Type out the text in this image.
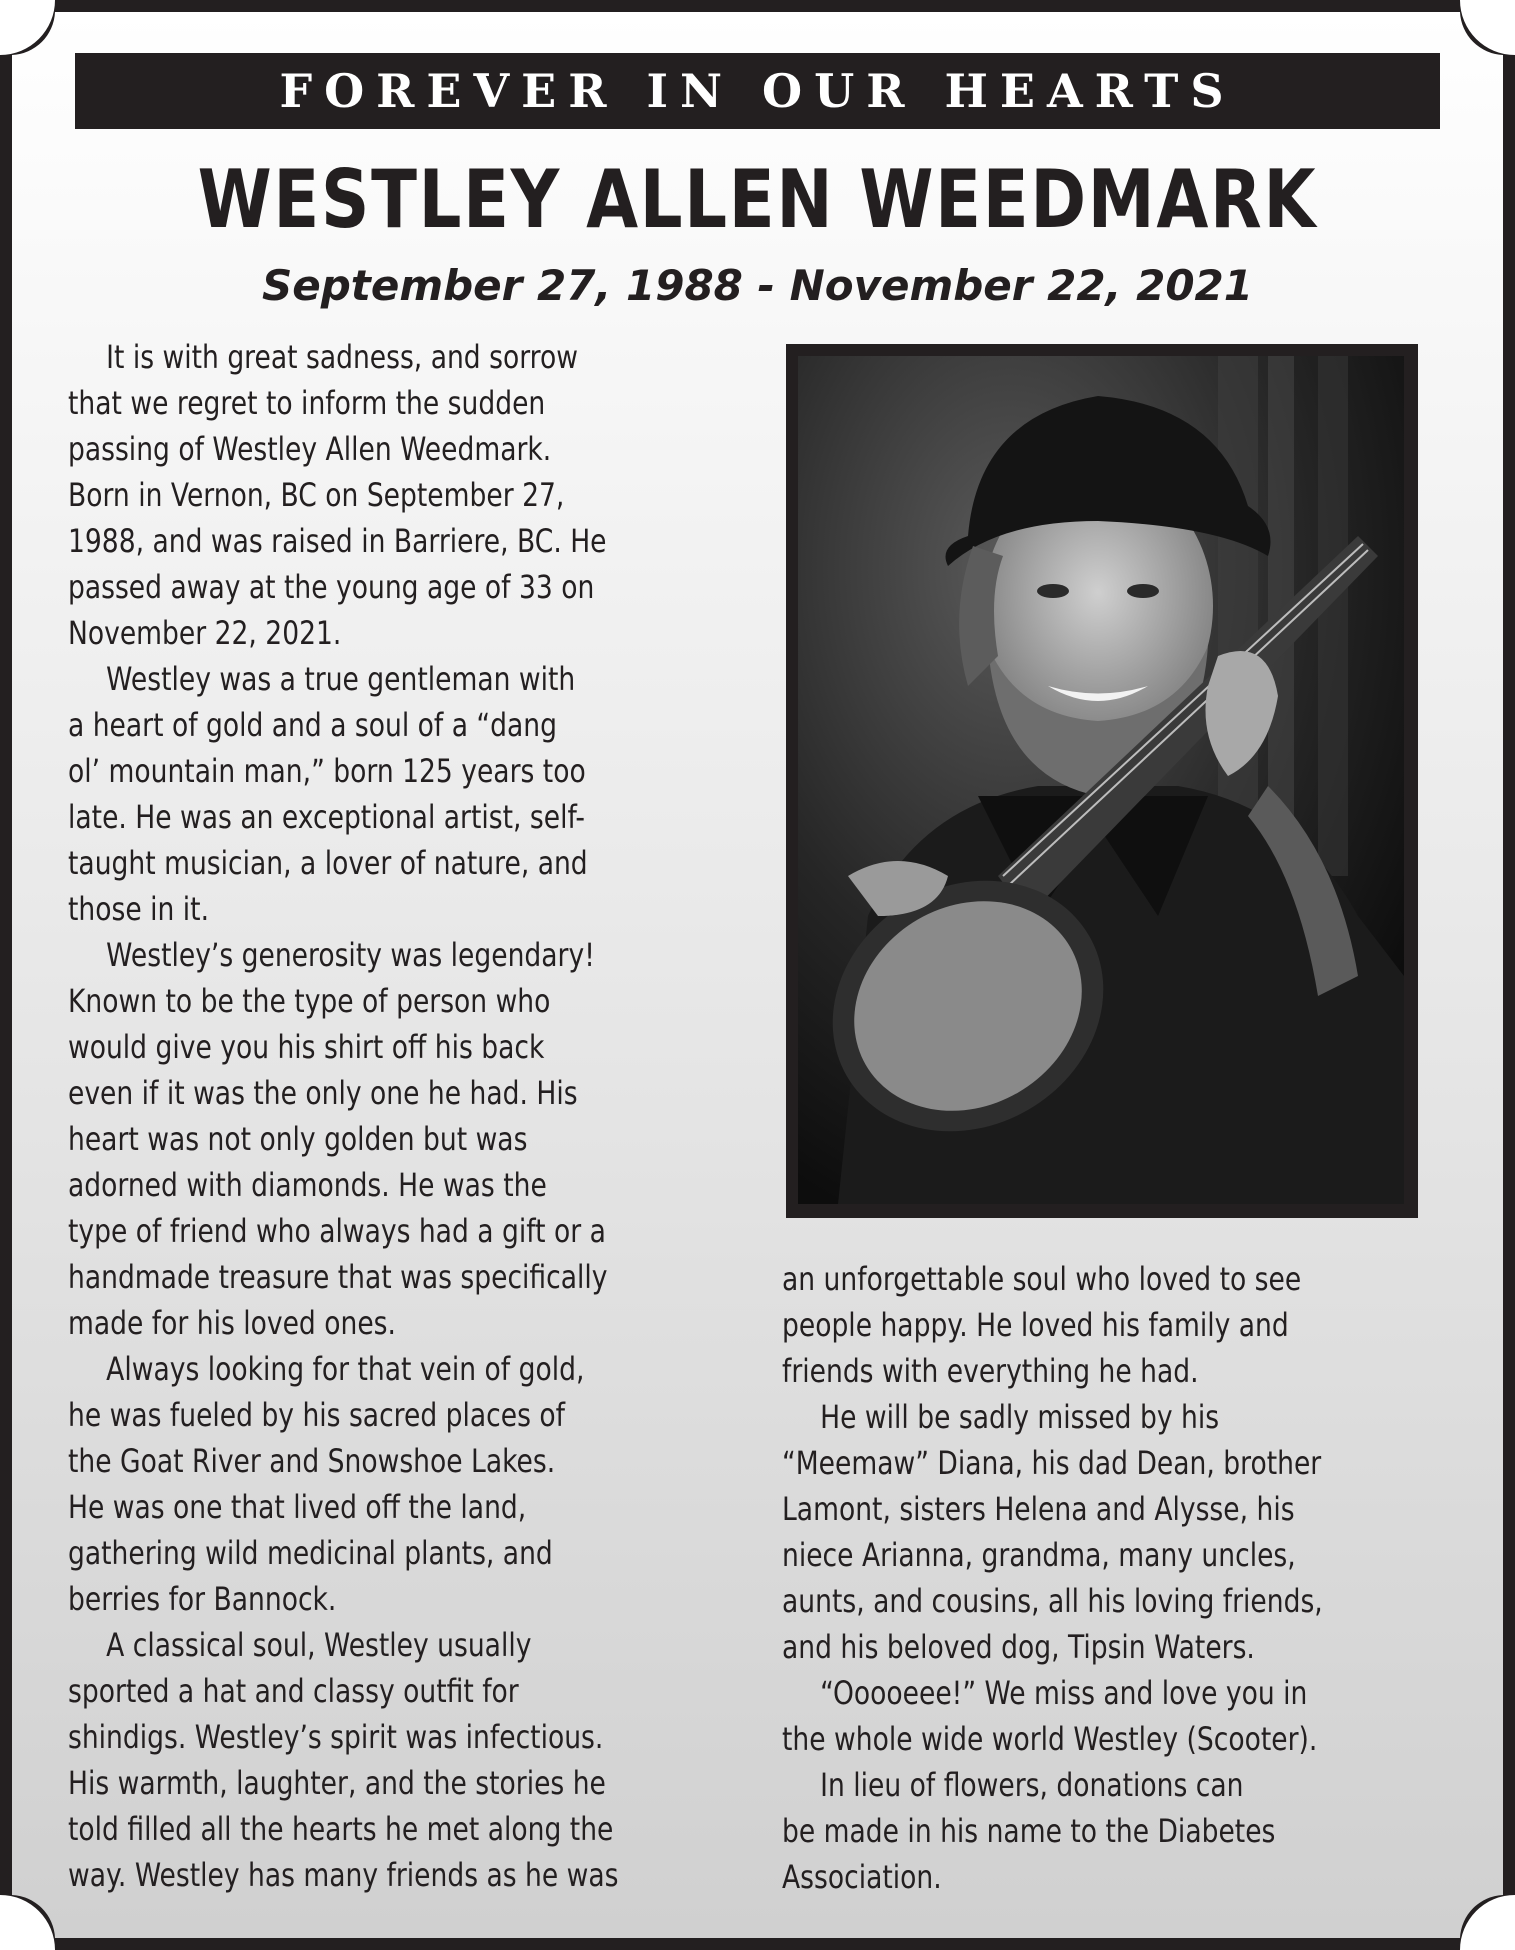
FOREVER IN OUR HEARTS
WESTLEY ALLEN WEEDMARK
September 27, 1988 - November 22, 2021

It is with great sadness, and sorrow

that we regret to inform the sudden

passing of Westley Allen Weedmark.

Born in Vernon, BC on September 27,

1988, and was raised in Barriere, BC. He

passed away at the young age of 33 on

November 22, 2021.

Westley was a true gentleman with

a heart of gold and a soul of a “dang

ol’ mountain man,” born 125 years too

late. He was an exceptional artist, self-

taught musician, a lover of nature, and

those in it.

Westley’s generosity was legendary!

Known to be the type of person who

would give you his shirt off his back

even if it was the only one he had. His

heart was not only golden but was

adorned with diamonds. He was the

type of friend who always had a gift or a

handmade treasure that was specifically

made for his loved ones.

Always looking for that vein of gold,

he was fueled by his sacred places of

the Goat River and Snowshoe Lakes.

He was one that lived off the land,

gathering wild medicinal plants, and

berries for Bannock.

A classical soul, Westley usually

sported a hat and classy outfit for

shindigs. Westley’s spirit was infectious.

His warmth, laughter, and the stories he

told filled all the hearts he met along the

way. Westley has many friends as he was

an unforgettable soul who loved to see

people happy. He loved his family and

friends with everything he had.

He will be sadly missed by his

“Meemaw” Diana, his dad Dean, brother

Lamont, sisters Helena and Alysse, his

niece Arianna, grandma, many uncles,

aunts, and cousins, all his loving friends,

and his beloved dog, Tipsin Waters.

“Ooooeee!” We miss and love you in

the whole wide world Westley (Scooter).

In lieu of flowers, donations can

be made in his name to the Diabetes

Association.
